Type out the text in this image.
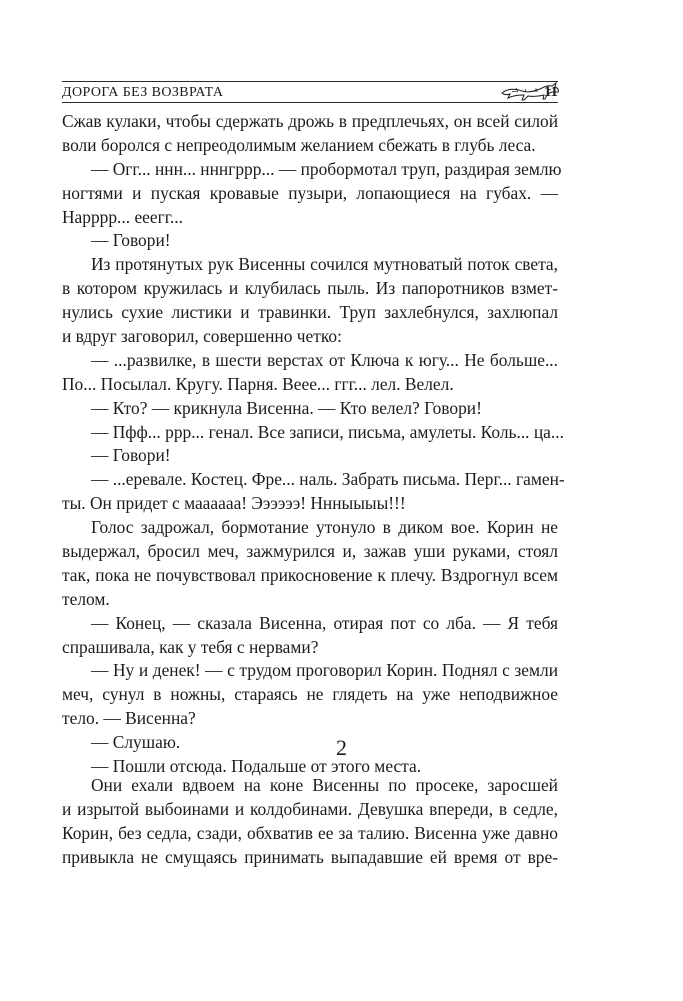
ДОРОГА БЕЗ ВОЗВРАТА	11
Сжав кулаки, чтобы сдержать дрожь в предплечьях, он всей силой
воли боролся с непреодолимым желанием сбежать в глубь леса.
— Огг... ннн... нннгррр... — пробормотал труп, раздирая землю
ногтями и пуская кровавые пузыри, лопающиеся на губах. —
Нарррр... ееегг...
— Говори!
Из протянутых рук Висенны сочился мутноватый поток света,
в котором кружилась и клубилась пыль. Из папоротников взмет-
нулись сухие листики и травинки. Труп захлебнулся, захлюпал
и вдруг заговорил, совершенно четко:
— ...развилке, в шести верстах от Ключа к югу... Не больше...
По... Посылал. Кругу. Парня. Веее... ггг... лел. Велел.
— Кто? — крикнула Висенна. — Кто велел? Говори!
— Пфф... ррр... генал. Все записи, письма, амулеты. Коль... ца...
— Говори!
— ...еревале. Костец. Фре... наль. Забрать письма. Перг... гамен-
ты. Он придет с маааааа! Ээээээ! Ннныыыы!!!
Голос задрожал, бормотание утонуло в диком вое. Корин не
выдержал, бросил меч, зажмурился и, зажав уши руками, стоял
так, пока не почувствовал прикосновение к плечу. Вздрогнул всем
телом.
— Конец, — сказала Висенна, отирая пот со лба. — Я тебя
спрашивала, как у тебя с нервами?
— Ну и денек! — с трудом проговорил Корин. Поднял с земли
меч, сунул в ножны, стараясь не глядеть на уже неподвижное
тело. — Висенна?
— Слушаю.
— Пошли отсюда. Подальше от этого места.
2
Они ехали вдвоем на коне Висенны по просеке, заросшей
и изрытой выбоинами и колдобинами. Девушка впереди, в седле,
Корин, без седла, сзади, обхватив ее за талию. Висенна уже давно
привыкла не смущаясь принимать выпадавшие ей время от вре-
